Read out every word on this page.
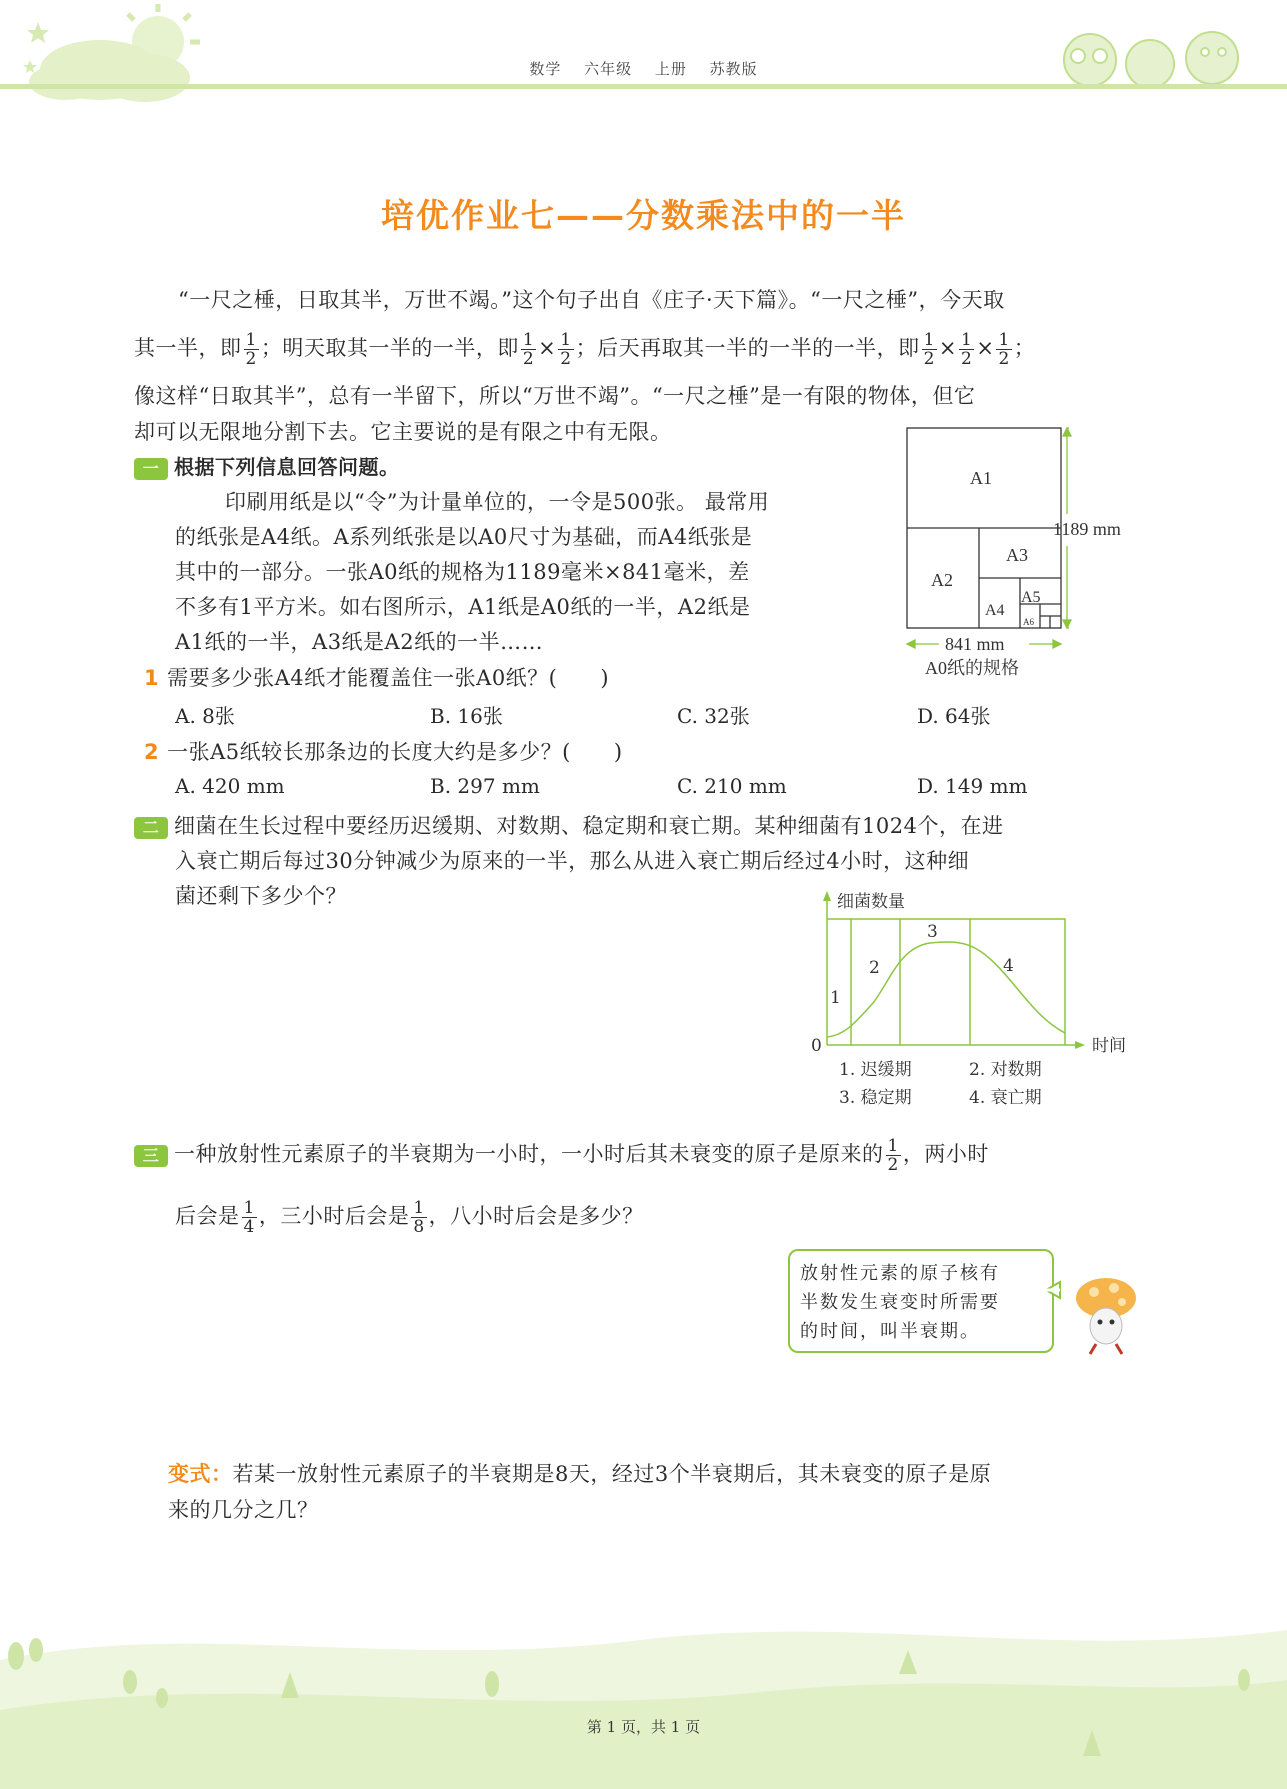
数学 六年级 上册 苏教版
培优作业七——分数乘法中的一半
“一尺之棰，日取其半，万世不竭。”这个句子出自《庄子·天下篇》。“一尺之棰”，今天取
其一半，即 $\frac{1}{2}$ ；明天取其一半的一半，即 $\frac{1}{2} \times \frac{1}{2}$ ；后天再取其一半的一半的一半，即 $\frac{1}{2} \times \frac{1}{2} \times \frac{1}{2}$ ；
像这样“日取其半”，总有一半留下，所以“万世不竭”。“一尺之棰”是一有限的物体，但它
却可以无限地分割下去。它主要说的是有限之中有无限。
一 根据下列信息回答问题。
印刷用纸是以“令”为计量单位的，一令是500张。 最常用
的纸张是A4纸。A系列纸张是以A0尺寸为基础，而A4纸张是
其中的一部分。一张A0纸的规格为1189毫米×841毫米，差
不多有1平方米。如右图所示，A1纸是A0纸的一半，A2纸是
A1纸的一半，A3纸是A2纸的一半……
A1
A2
A3
A4
A5
A6
1189 mm
841 mm
A0纸的规格
1 需要多少张A4纸才能覆盖住一张A0纸？(　　)
A. 8张	B. 16张	C. 32张	D. 64张
2 一张A5纸较长那条边的长度大约是多少？(　　)
A. 420 mm	B. 297 mm	C. 210 mm	D. 149 mm
二 细菌在生长过程中要经历迟缓期、对数期、稳定期和衰亡期。某种细菌有1024个，在进
入衰亡期后每过30分钟减少为原来的一半，那么从进入衰亡期后经过4小时，这种细
菌还剩下多少个？	细菌数量
时间
0
1
2
3
4
1. 迟缓期	2. 对数期
3. 稳定期	4. 衰亡期
三 一种放射性元素原子的半衰期为一小时，一小时后其未衰变的原子是原来的 $\frac{1}{2}$ ，两小时
后会是 $\frac{1}{4}$ ，三小时后会是 $\frac{1}{8}$ ，八小时后会是多少？
放射性元素的原子核有
半数发生衰变时所需要
的时间，叫半衰期。
变式：若某一放射性元素原子的半衰期是8天，经过3个半衰期后，其未衰变的原子是原
来的几分之几？
第 1 页，共 1 页
